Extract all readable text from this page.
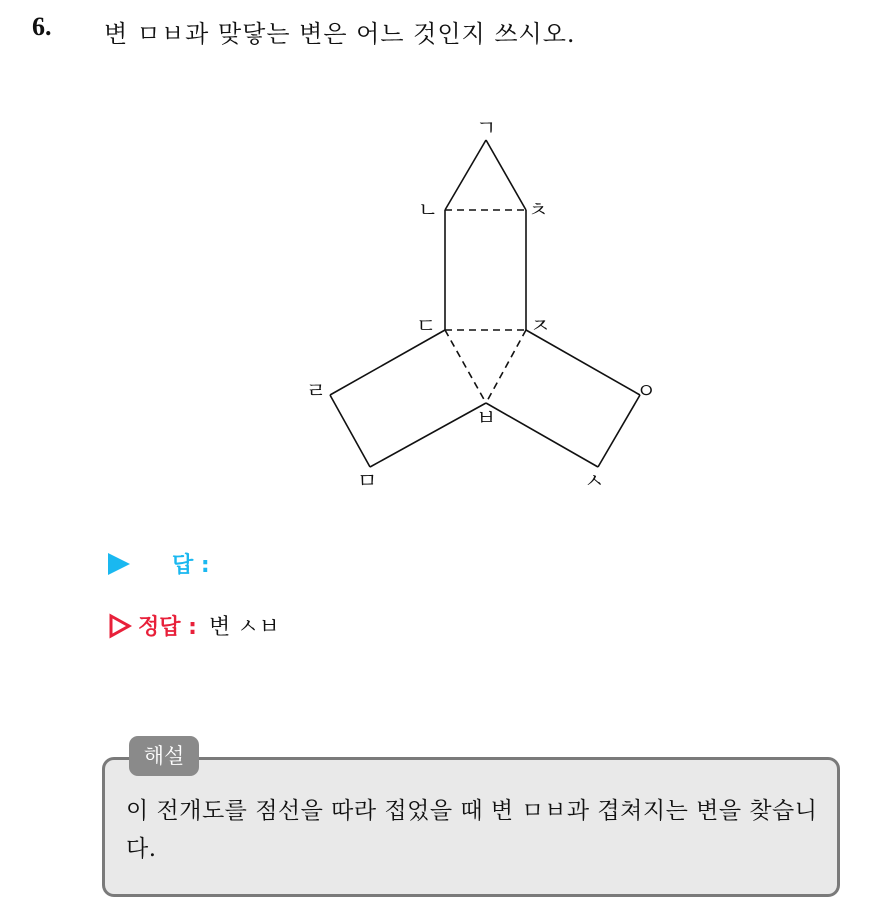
6. 변 ㅁㅂ과 맞닿는 변은 어느 것인지 쓰시오.
ㄱ
ㄴ	ㅊ
ㄷ	ㅈ
ㄹ	ㅇ
ㅂ
ㅁ	ㅅ
답 :
정답 : 변 ㅅㅂ
해설
이 전개도를 점선을 따라 접었을 때 변 ㅁㅂ과 겹쳐지는 변을 찾습니다.
